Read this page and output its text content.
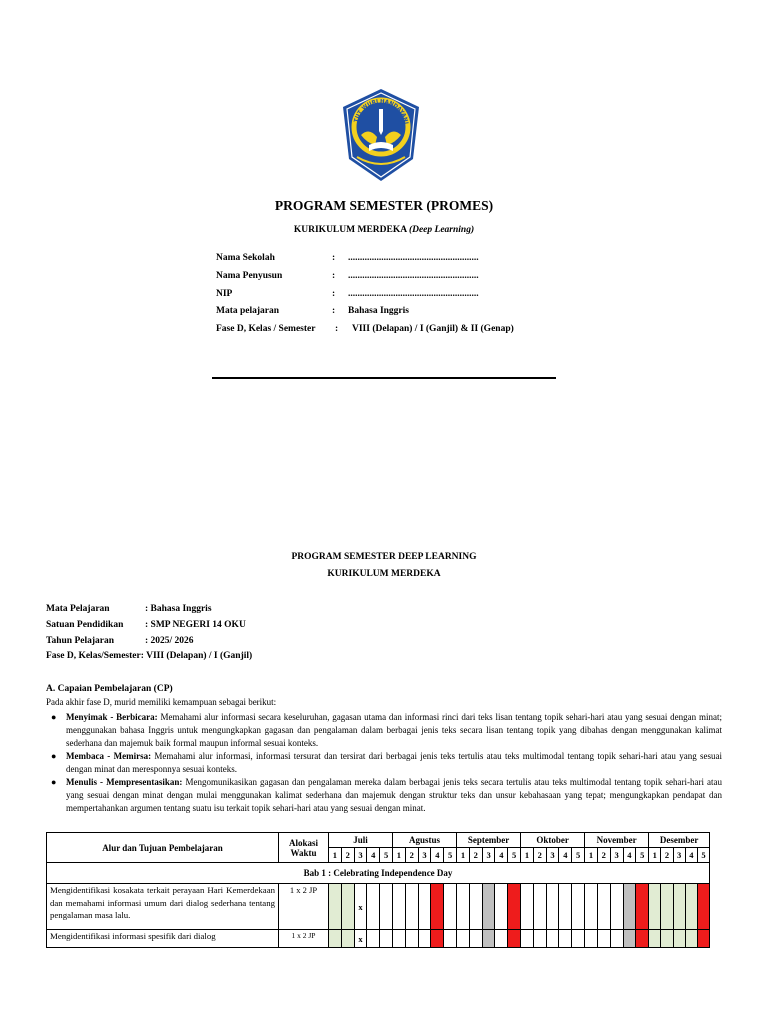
TUT WURI HANDAYANI
PROGRAM SEMESTER (PROMES)
KURIKULUM MERDEKA (Deep Learning)
Nama Sekolah	: .......................................................
Nama Penyusun	: .......................................................
NIP	: .......................................................
Mata pelajaran	: Bahasa Inggris
Fase D, Kelas / Semester : VIII (Delapan) / I (Ganjil) & II (Genap)
PROGRAM SEMESTER DEEP LEARNING
KURIKULUM MERDEKA
Mata Pelajaran	: Bahasa Inggris
Satuan Pendidikan : SMP NEGERI 14 OKU
Tahun Pelajaran	: 2025/ 2026
Fase D, Kelas/Semester: VIII (Delapan) / I (Ganjil)
A. Capaian Pembelajaran (CP)
Pada akhir fase D, murid memiliki kemampuan sebagai berikut:

● Menyimak - Berbicara: Memahami alur informasi secara keseluruhan, gagasan utama dan informasi rinci dari teks lisan tentang topik sehari-hari atau yang sesuai dengan minat; menggunakan bahasa Inggris untuk mengungkapkan gagasan dan pengalaman dalam berbagai jenis teks secara lisan tentang topik yang dibahas dengan menggunakan kalimat sederhana dan majemuk baik formal maupun informal sesuai konteks.

● Membaca - Memirsa: Memahami alur informasi, informasi tersurat dan tersirat dari berbagai jenis teks tertulis atau teks multimodal tentang topik sehari-hari atau yang sesuai dengan minat dan meresponnya sesuai konteks.

● Menulis - Mempresentasikan: Mengomunikasikan gagasan dan pengalaman mereka dalam berbagai jenis teks secara tertulis atau teks multimodal tentang topik sehari-hari atau yang sesuai dengan minat dengan mulai menggunakan kalimat sederhana dan majemuk dengan struktur teks dan unsur kebahasaan yang tepat; mengungkapkan pendapat dan mempertahankan argumen tentang suatu isu terkait topik sehari-hari atau yang sesuai dengan minat.

Alur dan Tujuan Pembelajaran	Alokasi Waktu	Juli					Agustus					September					Oktober					November					Desember				
		1	2	3	4	5	1	2	3	4	5	1	2	3	4	5	1	2	3	4	5	1	2	3	4	5	1	2	3	4	5
Bab 1 : Celebrating Independence Day																															
Mengidentifikasi kosakata terkait perayaan Hari Kemerdekaan dan memahami informasi umum dari dialog sederhana tentang pengalaman masa lalu.	1 x 2 JP			x																											
Mengidentifikasi informasi spesifik dari dialog	1 x 2 JP			x																											
